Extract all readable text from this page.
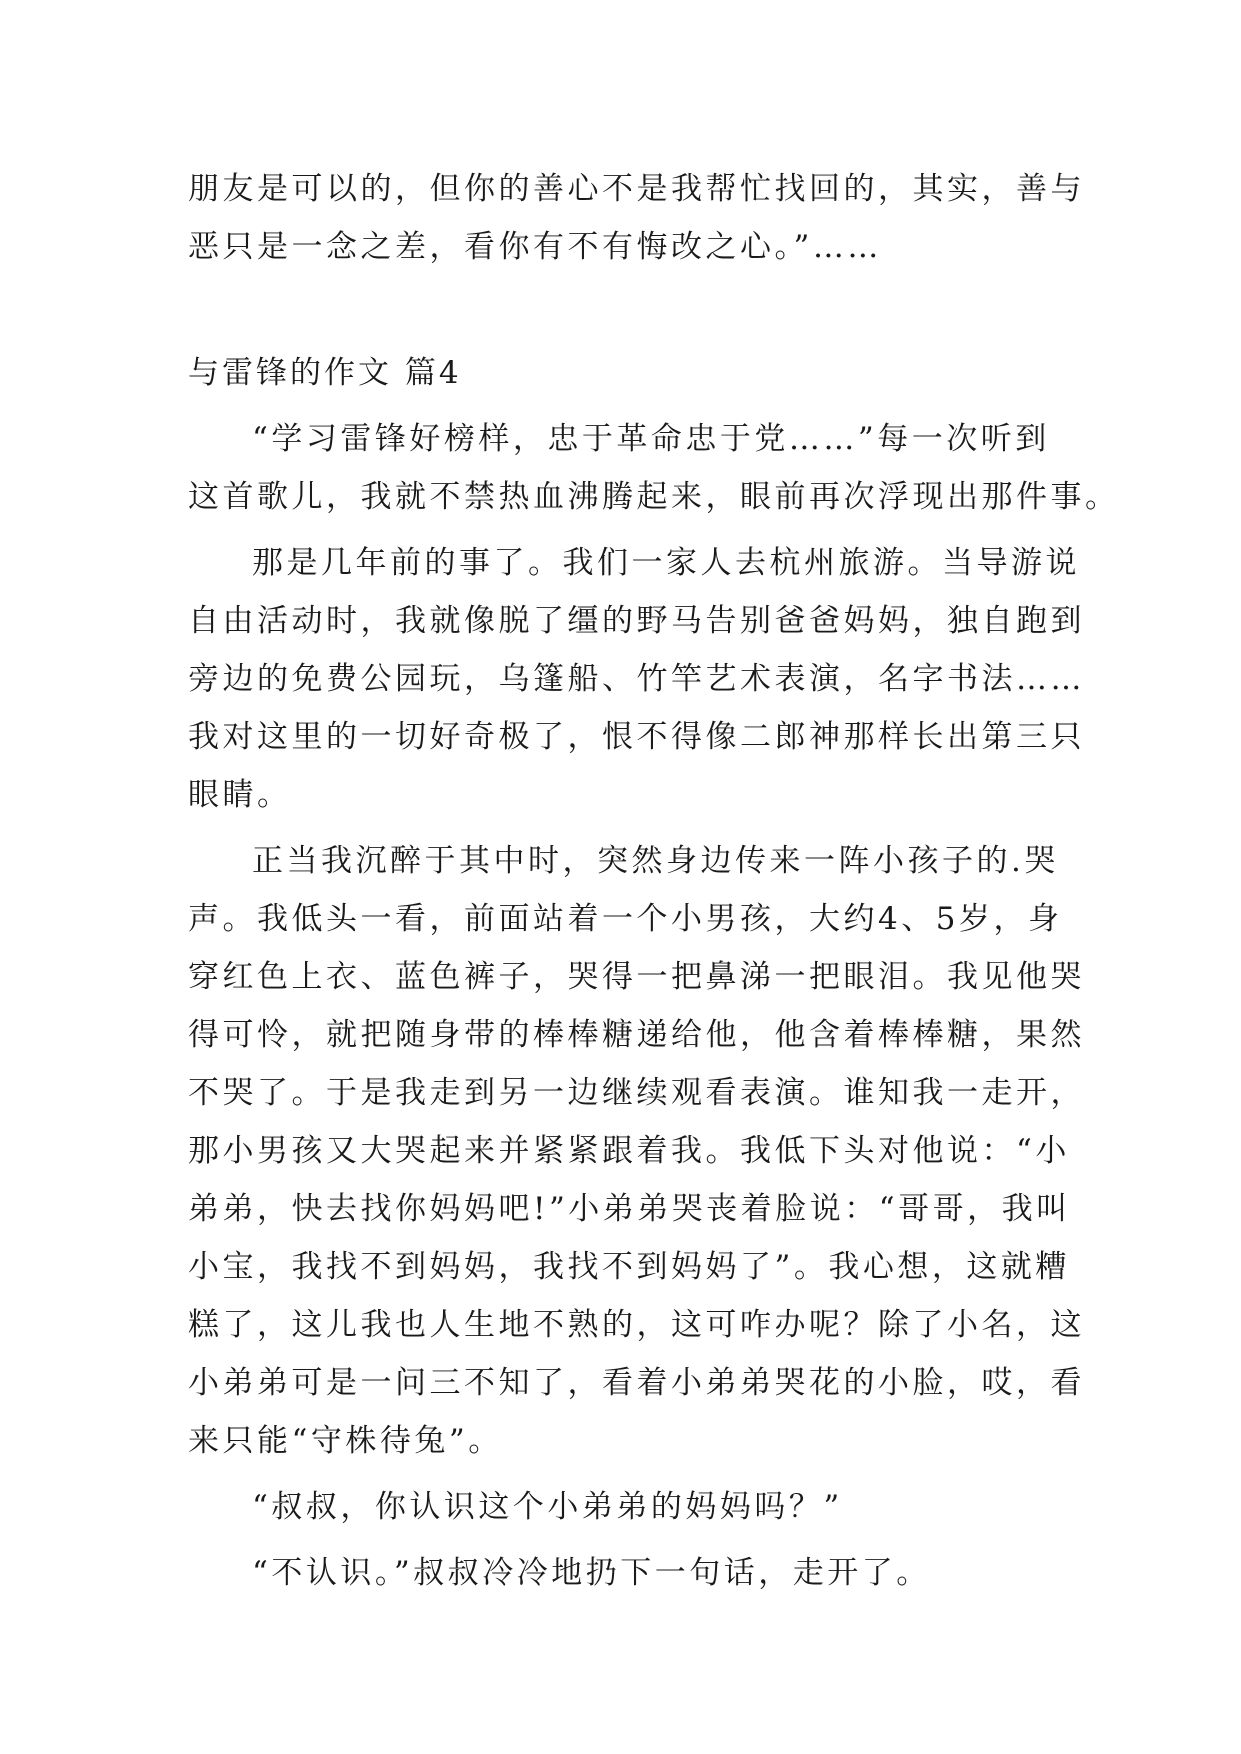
朋友是可以的，但你的善心不是我帮忙找回的，其实，善与
恶只是一念之差，看你有不有悔改之心。”……
与雷锋的作文 篇4
“学习雷锋好榜样，忠于革命忠于党……”每一次听到
这首歌儿，我就不禁热血沸腾起来，眼前再次浮现出那件事。
那是几年前的事了。我们一家人去杭州旅游。当导游说
自由活动时，我就像脱了缰的野马告别爸爸妈妈，独自跑到
旁边的免费公园玩，乌篷船、竹竿艺术表演，名字书法……
我对这里的一切好奇极了，恨不得像二郎神那样长出第三只
眼睛。
正当我沉醉于其中时，突然身边传来一阵小孩子的.哭
声。我低头一看，前面站着一个小男孩，大约4、5岁，身
穿红色上衣、蓝色裤子，哭得一把鼻涕一把眼泪。我见他哭
得可怜，就把随身带的棒棒糖递给他，他含着棒棒糖，果然
不哭了。于是我走到另一边继续观看表演。谁知我一走开，
那小男孩又大哭起来并紧紧跟着我。我低下头对他说：“小
弟弟，快去找你妈妈吧!”小弟弟哭丧着脸说：“哥哥，我叫
小宝，我找不到妈妈，我找不到妈妈了”。我心想，这就糟
糕了，这儿我也人生地不熟的，这可咋办呢？除了小名，这
小弟弟可是一问三不知了，看着小弟弟哭花的小脸，哎，看
来只能“守株待兔”。
“叔叔，你认识这个小弟弟的妈妈吗？”
“不认识。”叔叔冷冷地扔下一句话，走开了。
